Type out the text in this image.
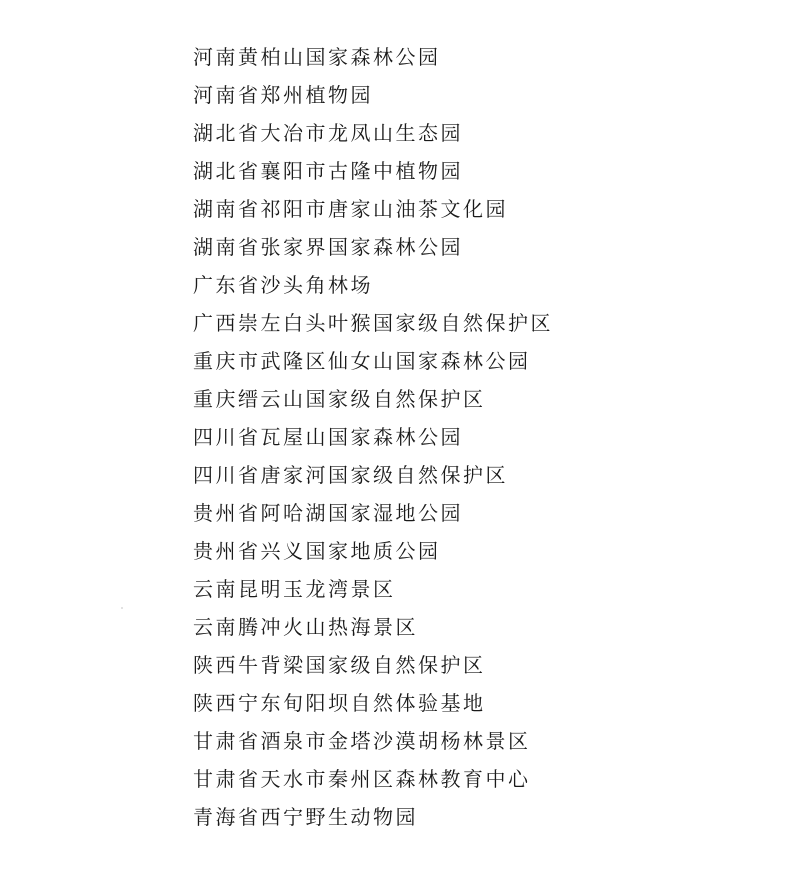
河南黄柏山国家森林公园
河南省郑州植物园
湖北省大冶市龙凤山生态园
湖北省襄阳市古隆中植物园
湖南省祁阳市唐家山油茶文化园
湖南省张家界国家森林公园
广东省沙头角林场
广西崇左白头叶猴国家级自然保护区
重庆市武隆区仙女山国家森林公园
重庆缙云山国家级自然保护区
四川省瓦屋山国家森林公园
四川省唐家河国家级自然保护区
贵州省阿哈湖国家湿地公园
贵州省兴义国家地质公园
云南昆明玉龙湾景区
云南腾冲火山热海景区
陕西牛背梁国家级自然保护区
陕西宁东旬阳坝自然体验基地
甘肃省酒泉市金塔沙漠胡杨林景区
甘肃省天水市秦州区森林教育中心
青海省西宁野生动物园
